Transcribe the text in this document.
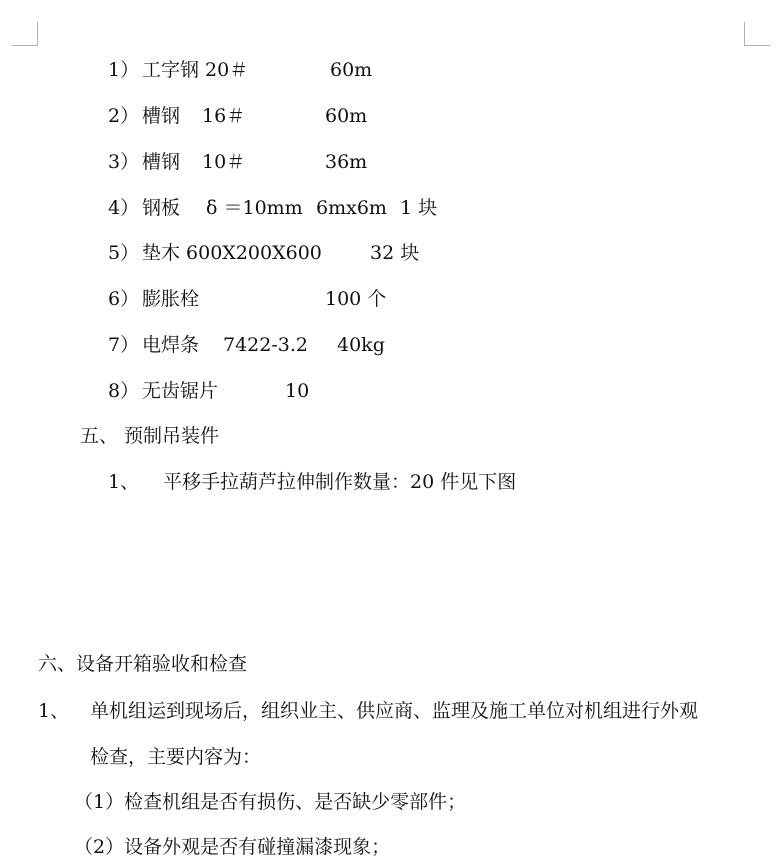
1） 工字钢 20＃	60m
2） 槽钢 16＃	60m
3） 槽钢 10＃	36m
4） 钢板 δ ＝10mm 6mx6m 1 块
5） 垫木 600X200X600	32 块
6） 膨胀栓	100 个
7） 电焊条 7422-3.2 40kg
8） 无齿锯片	10
五、 预制吊装件
1、 平移手拉葫芦拉伸制作数量：20 件见下图
六、设备开箱验收和检查
1、 单机组运到现场后，组织业主、供应商、监理及施工单位对机组进行外观
检查，主要内容为：
（1）检查机组是否有损伤、是否缺少零部件；
（2）设备外观是否有碰撞漏漆现象；
